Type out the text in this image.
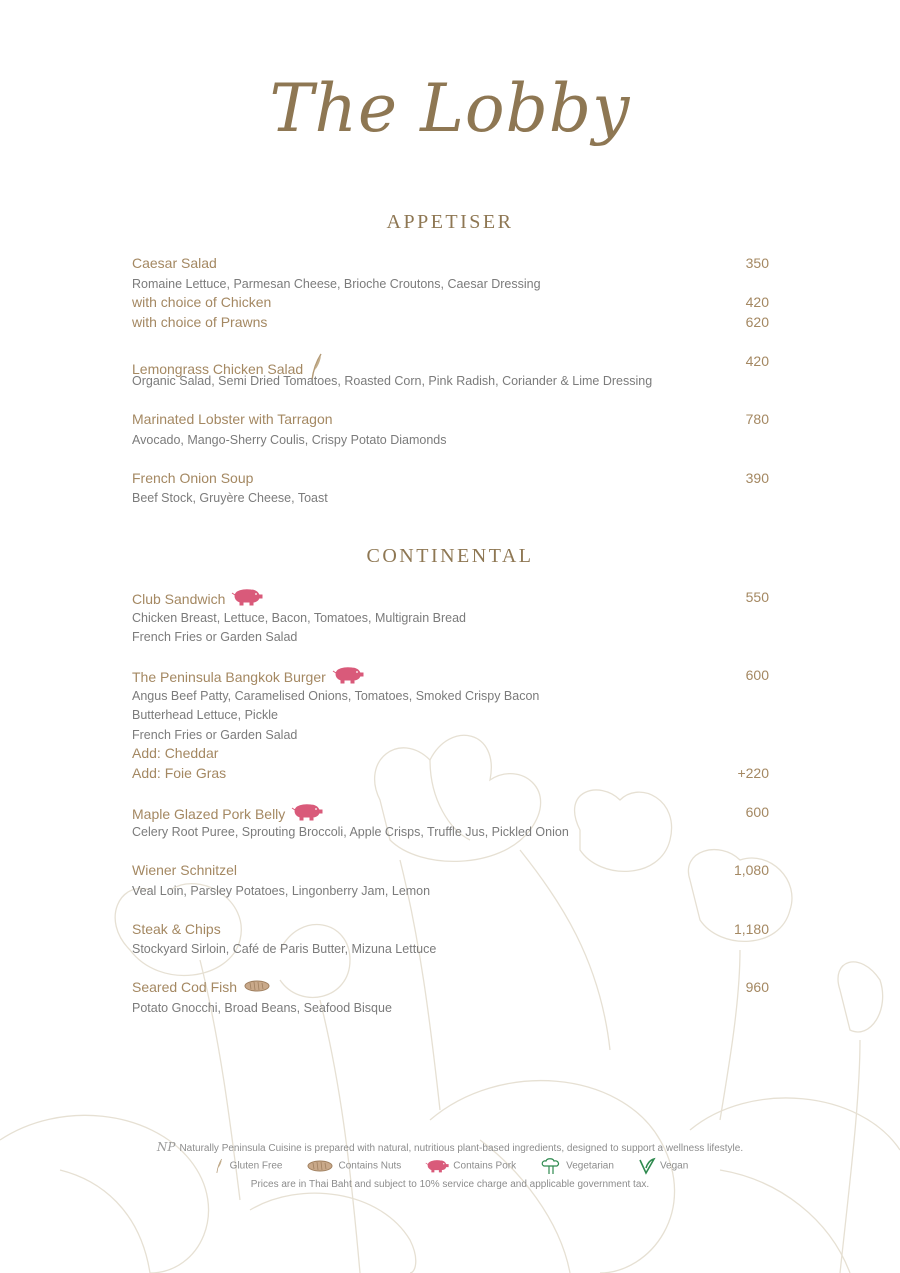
The Lobby
APPETISER
Caesar Salad	350
Romaine Lettuce, Parmesan Cheese, Brioche Croutons, Caesar Dressing
with choice of Chicken	420
with choice of Prawns	620
Lemongrass Chicken Salad	420
Organic Salad, Semi Dried Tomatoes, Roasted Corn, Pink Radish, Coriander & Lime Dressing
Marinated Lobster with Tarragon	780
Avocado, Mango-Sherry Coulis, Crispy Potato Diamonds
French Onion Soup	390
Beef Stock, Gruyère Cheese, Toast
CONTINENTAL
Club Sandwich	550
Chicken Breast, Lettuce, Bacon, Tomatoes, Multigrain Bread
French Fries or Garden Salad
The Peninsula Bangkok Burger	600
Angus Beef Patty, Caramelised Onions, Tomatoes, Smoked Crispy Bacon
Butterhead Lettuce, Pickle
French Fries or Garden Salad
Add: Cheddar
Add: Foie Gras	+220
Maple Glazed Pork Belly	600
Celery Root Puree, Sprouting Broccoli, Apple Crisps, Truffle Jus, Pickled Onion
Wiener Schnitzel	1,080
Veal Loin, Parsley Potatoes, Lingonberry Jam, Lemon
Steak & Chips	1,180
Stockyard Sirloin, Café de Paris Butter, Mizuna Lettuce
Seared Cod Fish	960
Potato Gnocchi, Broad Beans, Seafood Bisque
NP Naturally Peninsula Cuisine is prepared with natural, nutritious plant-based ingredients, designed to support a wellness lifestyle.
Gluten Free	Contains Nuts	Contains Pork	Vegetarian	Vegan
Prices are in Thai Baht and subject to 10% service charge and applicable government tax.
